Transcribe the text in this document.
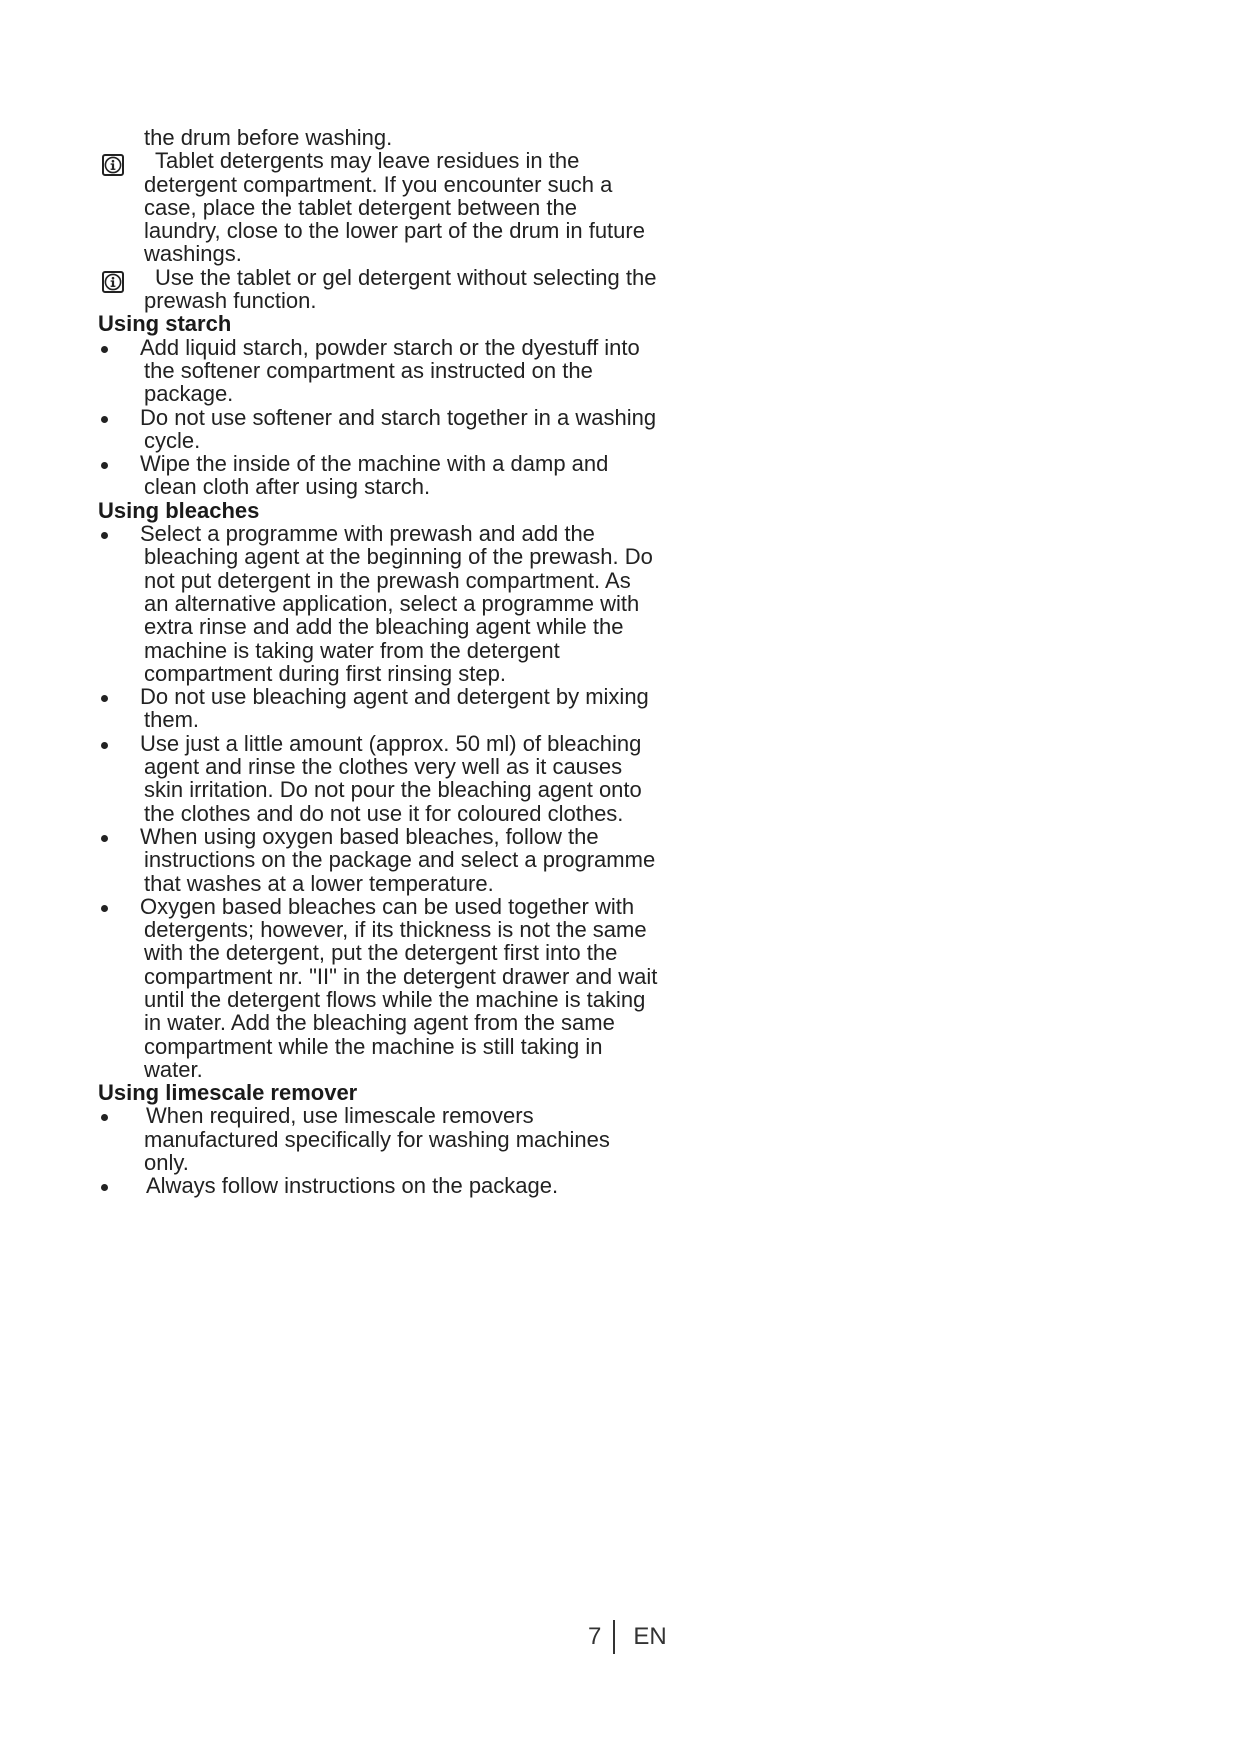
the drum before washing.

Tablet detergents may leave residues in the detergent compartment. If you encounter such a case, place the tablet detergent between the laundry, close to the lower part of the drum in future washings.
Use the tablet or gel detergent without selecting the prewash function.
Using starch
Add liquid starch, powder starch or the dyestuff into the softener compartment as instructed on the package.
Do not use softener and starch together in a washing cycle.
Wipe the inside of the machine with a damp and clean cloth after using starch.
Using bleaches
Select a programme with prewash and add the bleaching agent at the beginning of the prewash. Do not put detergent in the prewash compartment. As an alternative application, select a programme with extra rinse and add the bleaching agent while the machine is taking water from the detergent compartment during first rinsing step.
Do not use bleaching agent and detergent by mixing them.
Use just a little amount (approx. 50 ml) of bleaching agent and rinse the clothes very well as it causes skin irritation. Do not pour the bleaching agent onto the clothes and do not use it for coloured clothes.
When using oxygen based bleaches, follow the instructions on the package and select a programme that washes at a lower temperature.
Oxygen based bleaches can be used together with detergents; however, if its thickness is not the same with the detergent, put the detergent first into the compartment nr. "II" in the detergent drawer and wait until the detergent flows while the machine is taking in water. Add the bleaching agent from the same compartment while the machine is still taking in water.
Using limescale remover
When required, use limescale removers manufactured specifically for washing machines only.
Always follow instructions on the package.
7 EN
